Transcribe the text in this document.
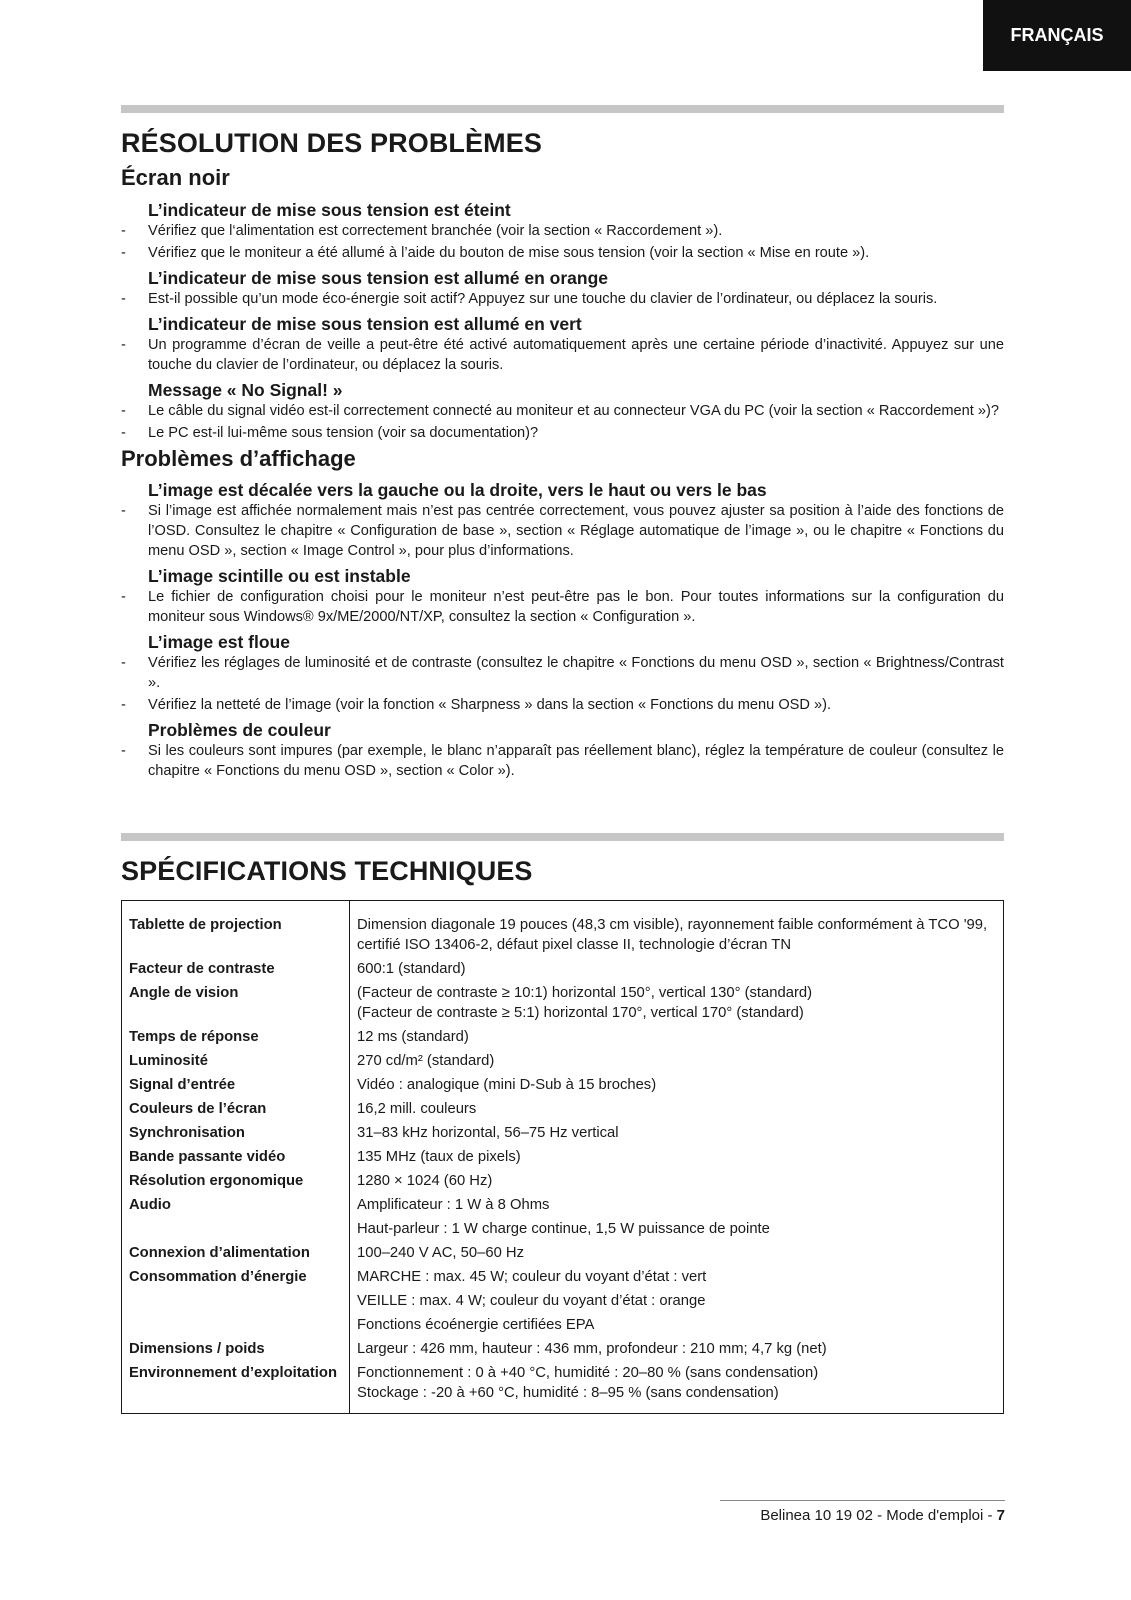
FRANÇAIS
RÉSOLUTION DES PROBLÈMES
Écran noir
L’indicateur de mise sous tension est éteint
- Vérifiez que l‘alimentation est correctement branchée (voir la section « Raccordement »).
- Vérifiez que le moniteur a été allumé à l’aide du bouton de mise sous tension (voir la section « Mise en route »).
L’indicateur de mise sous tension est allumé en orange
- Est-il possible qu’un mode éco-énergie soit actif? Appuyez sur une touche du clavier de l’ordinateur, ou déplacez la souris.
L’indicateur de mise sous tension est allumé en vert
- Un programme d’écran de veille a peut-être été activé automatiquement après une certaine période d’inactivité. Appuyez sur une touche du clavier de l’ordinateur, ou déplacez la souris.
Message « No Signal! »
- Le câble du signal vidéo est-il correctement connecté au moniteur et au connecteur VGA du PC (voir la section « Raccordement »)?
- Le PC est-il lui-même sous tension (voir sa documentation)?
Problèmes d’affichage
L’image est décalée vers la gauche ou la droite, vers le haut ou vers le bas
- Si l’image est affichée normalement mais n’est pas centrée correctement, vous pouvez ajuster sa position à l’aide des fonctions de l’OSD. Consultez le chapitre « Configuration de base », section « Réglage automatique de l’image », ou le chapitre « Fonctions du menu OSD », section « Image Control », pour plus d’informations.
L’image scintille ou est instable
- Le fichier de configuration choisi pour le moniteur n’est peut-être pas le bon. Pour toutes informations sur la configuration du moniteur sous Windows® 9x/ME/2000/NT/XP, consultez la section « Configuration ».
L’image est floue
- Vérifiez les réglages de luminosité et de contraste (consultez le chapitre « Fonctions du menu OSD », section « Brightness/Contrast ».
- Vérifiez la netteté de l’image (voir la fonction « Sharpness » dans la section « Fonctions du menu OSD »).
Problèmes de couleur
- Si les couleurs sont impures (par exemple, le blanc n’apparaît pas réellement blanc), réglez la température de couleur (consultez le chapitre « Fonctions du menu OSD », section « Color »).
SPÉCIFICATIONS TECHNIQUES
Tablette de projection	Dimension diagonale 19 pouces (48,3 cm visible), rayonnement faible conformément à TCO '99, certifié ISO 13406-2, défaut pixel classe II, technologie d’écran TN

Facteur de contraste	600:1 (standard)

Angle de vision	(Facteur de contraste ≥ 10:1) horizontal 150°, vertical 130° (standard)
(Facteur de contraste ≥ 5:1) horizontal 170°, vertical 170° (standard)

Temps de réponse	12 ms (standard)

Luminosité	270 cd/m² (standard)

Signal d’entrée	Vidéo : analogique (mini D-Sub à 15 broches)

Couleurs de l’écran	16,2 mill. couleurs

Synchronisation	31–83 kHz horizontal, 56–75 Hz vertical

Bande passante vidéo	135 MHz (taux de pixels)

Résolution ergonomique	1280 × 1024 (60 Hz)

Audio	Amplificateur : 1 W à 8 Ohms
Haut-parleur : 1 W charge continue, 1,5 W puissance de pointe

Connexion d’alimentation	100–240 V AC, 50–60 Hz

Consommation d’énergie	MARCHE : max. 45 W; couleur du voyant d’état : vert
VEILLE : max. 4 W; couleur du voyant d’état : orange
Fonctions écoénergie certifiées EPA

Dimensions / poids	Largeur : 426 mm, hauteur : 436 mm, profondeur : 210 mm; 4,7 kg (net)

Environnement d’exploitation	Fonctionnement : 0 à +40 °C, humidité : 20–80 % (sans condensation)
Stockage : -20 à +60 °C, humidité : 8–95 % (sans condensation)
Belinea 10 19 02 - Mode d'emploi - 7
